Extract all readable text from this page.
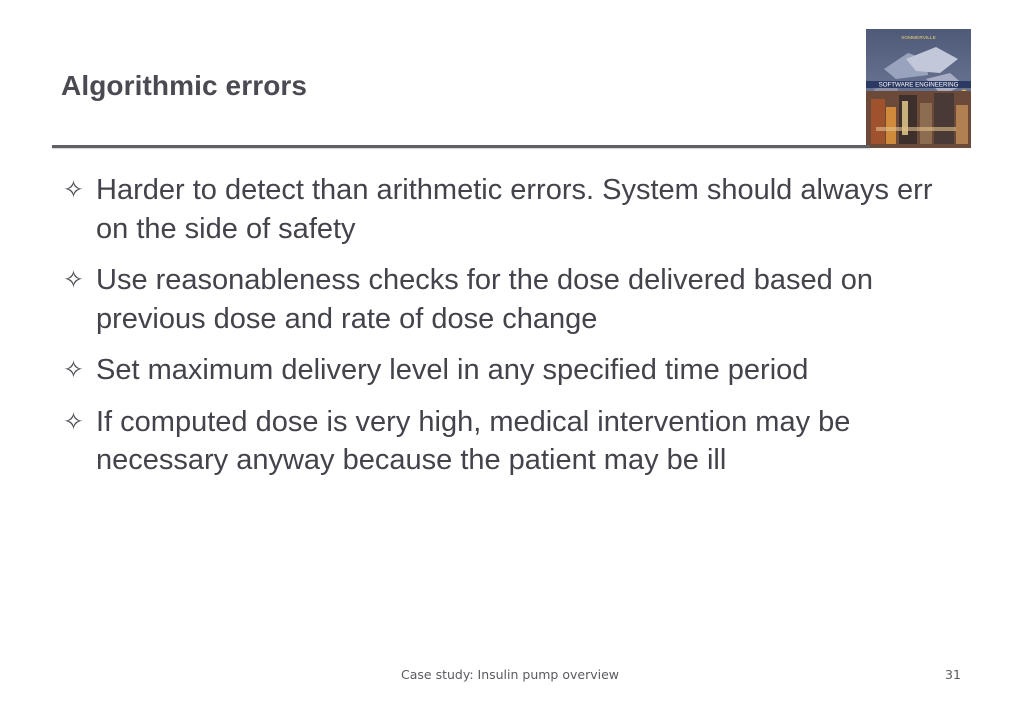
Algorithmic errors	SOFTWARE ENGINEERING
SOMMERVILLE
✧ Harder to detect than arithmetic errors. System should always err on the side of safety
✧ Use reasonableness checks for the dose delivered based on previous dose and rate of dose change
✧ Set maximum delivery level in any specified time period
✧ If computed dose is very high, medical intervention may be necessary anyway because the patient may be ill
Case study: Insulin pump overview	31
